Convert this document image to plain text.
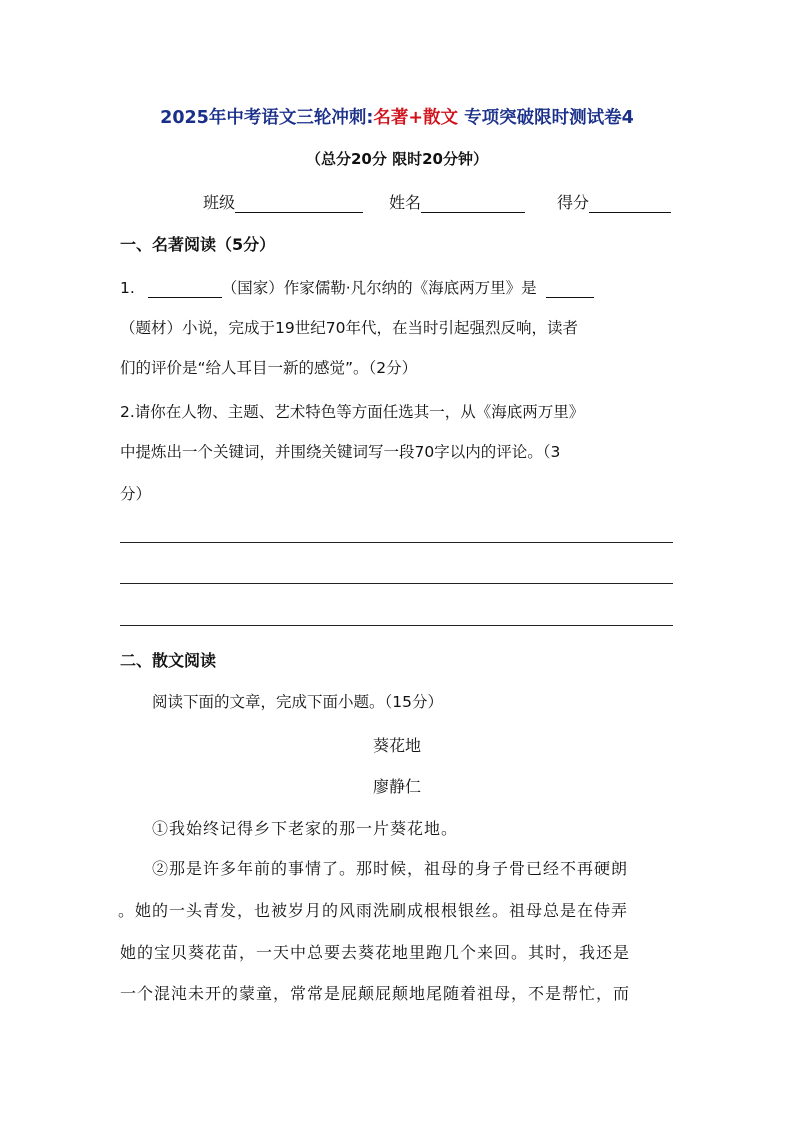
2025年中考语文三轮冲刺:名著+散文 专项突破限时测试卷4
（总分20分 限时20分钟）
班级	姓名	得分
一、名著阅读（5分）
1.	（国家）作家儒勒·凡尔纳的《海底两万里》是
（题材）小说，完成于19世纪70年代，在当时引起强烈反响，读者
们的评价是“给人耳目一新的感觉”。（2分）
2.请你在人物、主题、艺术特色等方面任选其一，从《海底两万里》
中提炼出一个关键词，并围绕关键词写一段70字以内的评论。（3
分）
二、散文阅读
阅读下面的文章，完成下面小题。（15分）
葵花地
廖静仁
①我始终记得乡下老家的那一片葵花地。
②那是许多年前的事情了。那时候，祖母的身子骨已经不再硬朗
。她的一头青发，也被岁月的风雨洗刷成根根银丝。祖母总是在侍弄
她的宝贝葵花苗，一天中总要去葵花地里跑几个来回。其时，我还是
一个混沌未开的蒙童，常常是屁颠屁颠地尾随着祖母，不是帮忙，而
